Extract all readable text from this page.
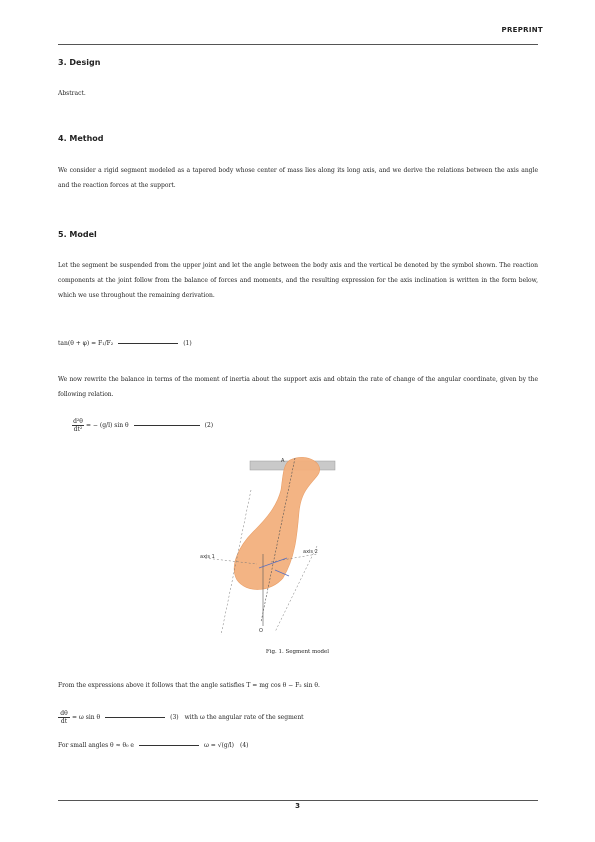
PREPRINT
3. Design
Abstract.
4. Method
We consider a rigid segment modeled as a tapered body whose center of mass lies along its long axis, and we derive the relations between the axis angle and the reaction forces at the support.
5. Model
Let the segment be suspended from the upper joint and let the angle between the body axis and the vertical be denoted by the symbol shown. The reaction components at the joint follow from the balance of forces and moments, and the resulting expression for the axis inclination is written in the form below, which we use throughout the remaining derivation.
tan(θ + φ) = F₁/F₂	(1)
We now rewrite the balance in terms of the moment of inertia about the support axis and obtain the rate of change of the angular coordinate, given by the following relation.
$\frac{\text{d²θ}}{\text{dt²}}$ = − (g/l) sin θ	(2)
A
axis 1
axis 2
O
Fig. 1. Segment model
From the expressions above it follows that the angle satisfies T = mg cos θ − F₂ sin θ.
$\frac{d\theta}{dt} = \omega$ sin θ	(3) with ω the angular rate of the segment
For small angles θ ≈ θ₀ e	ω = √(g/l) (4)
3
